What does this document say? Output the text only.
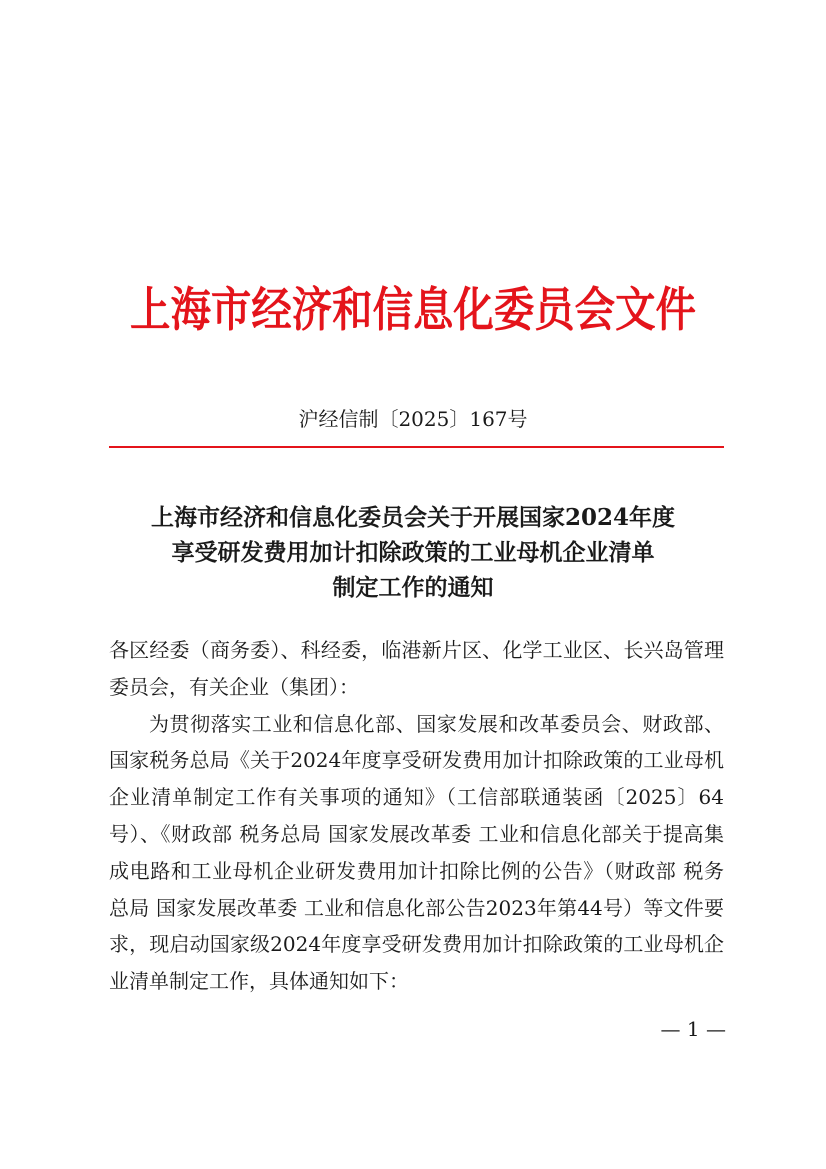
上海市经济和信息化委员会文件
沪经信制〔2025〕167号
上海市经济和信息化委员会关于开展国家2024年度
享受研发费用加计扣除政策的工业母机企业清单
制定工作的通知

各区经委（商务委）、科经委，临港新片区、化学工业区、长兴岛管理委员会，有关企业（集团）：

为贯彻落实工业和信息化部、国家发展和改革委员会、财政部、国家税务总局《关于2024年度享受研发费用加计扣除政策的工业母机企业清单制定工作有关事项的通知》（工信部联通装函〔2025〕64号）、《财政部 税务总局 国家发展改革委 工业和信息化部关于提高集成电路和工业母机企业研发费用加计扣除比例的公告》（财政部 税务总局 国家发展改革委 工业和信息化部公告2023年第44号）等文件要求，现启动国家级2024年度享受研发费用加计扣除政策的工业母机企业清单制定工作，具体通知如下：

— 1 —
